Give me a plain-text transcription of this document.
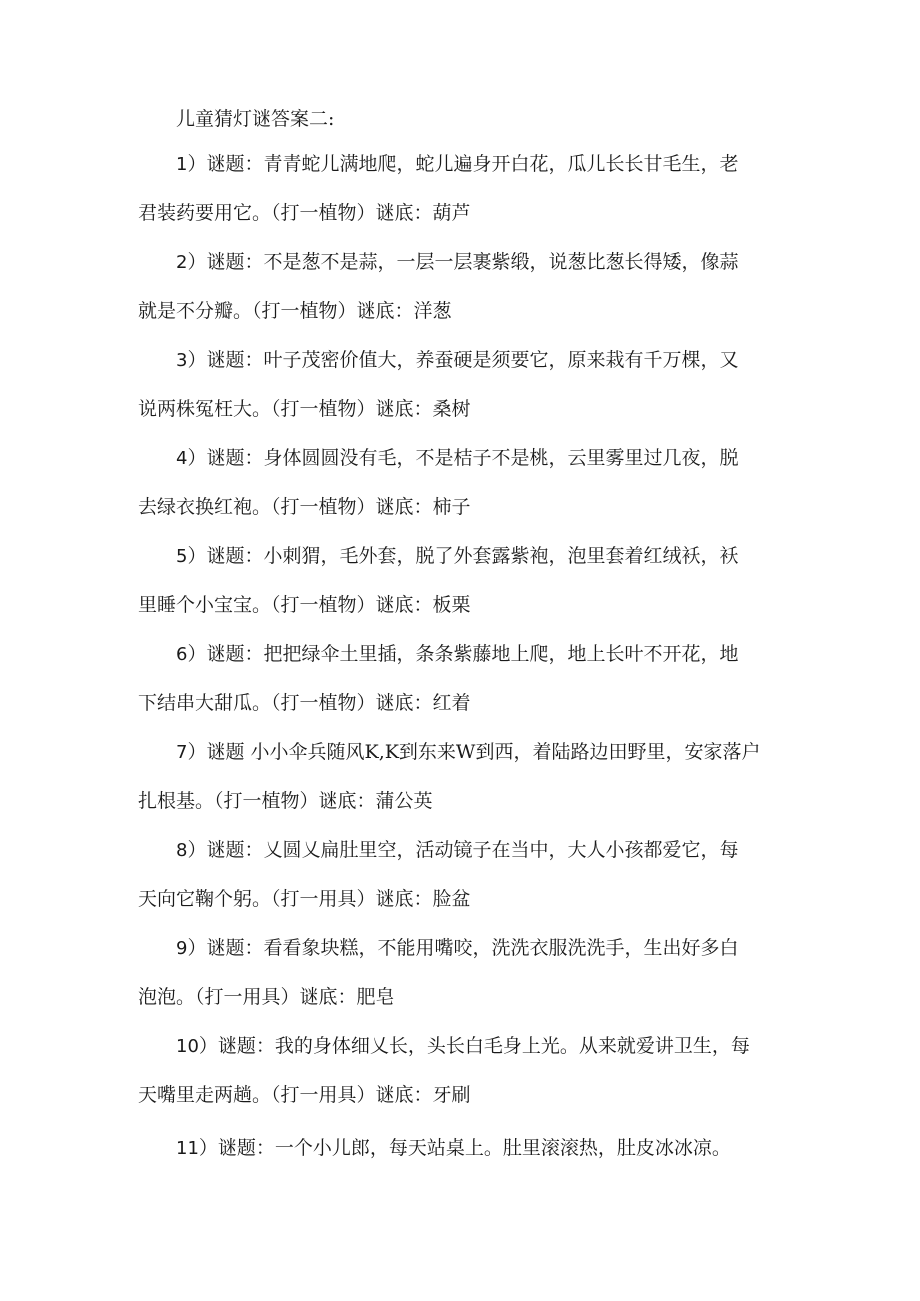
儿童猜灯谜答案二:
1）谜题：青青蛇儿满地爬，蛇儿遍身开白花，瓜儿长长甘毛生，老
君装药要用它。（打一植物）谜底：葫芦
2）谜题：不是葱不是蒜，一层一层裹紫缎，说葱比葱长得矮，像蒜
就是不分瓣。（打一植物）谜底：洋葱
3）谜题：叶子茂密价值大，养蚕硬是须要它，原来栽有千万棵，又
说两株冤枉大。（打一植物）谜底：桑树
4）谜题：身体圆圆没有毛，不是桔子不是桃，云里雾里过几夜，脱
去绿衣换红袍。（打一植物）谜底：柿子
5）谜题：小刺猬，毛外套，脱了外套露紫袍，泡里套着红绒袄，袄
里睡个小宝宝。（打一植物）谜底：板栗
6）谜题：把把绿伞土里插，条条紫藤地上爬，地上长叶不开花，地
下结串大甜瓜。（打一植物）谜底：红着
7）谜题 小小伞兵随风K,K到东来W到西，着陆路边田野里，安家落户
扎根基。（打一植物）谜底：蒲公英
8）谜题：乂圆乂扁肚里空，活动镜子在当中，大人小孩都爱它，每
天向它鞠个躬。（打一用具）谜底：脸盆
9）谜题：看看象块糕，不能用嘴咬，洗洗衣服洗洗手，生出好多白
泡泡。（打一用具）谜底：肥皂
10）谜题：我的身体细乂长，头长白毛身上光。从来就爱讲卫生，每
天嘴里走两趟。（打一用具）谜底：牙刷
11）谜题：一个小儿郎，每天站桌上。肚里滚滚热，肚皮冰冰凉。
